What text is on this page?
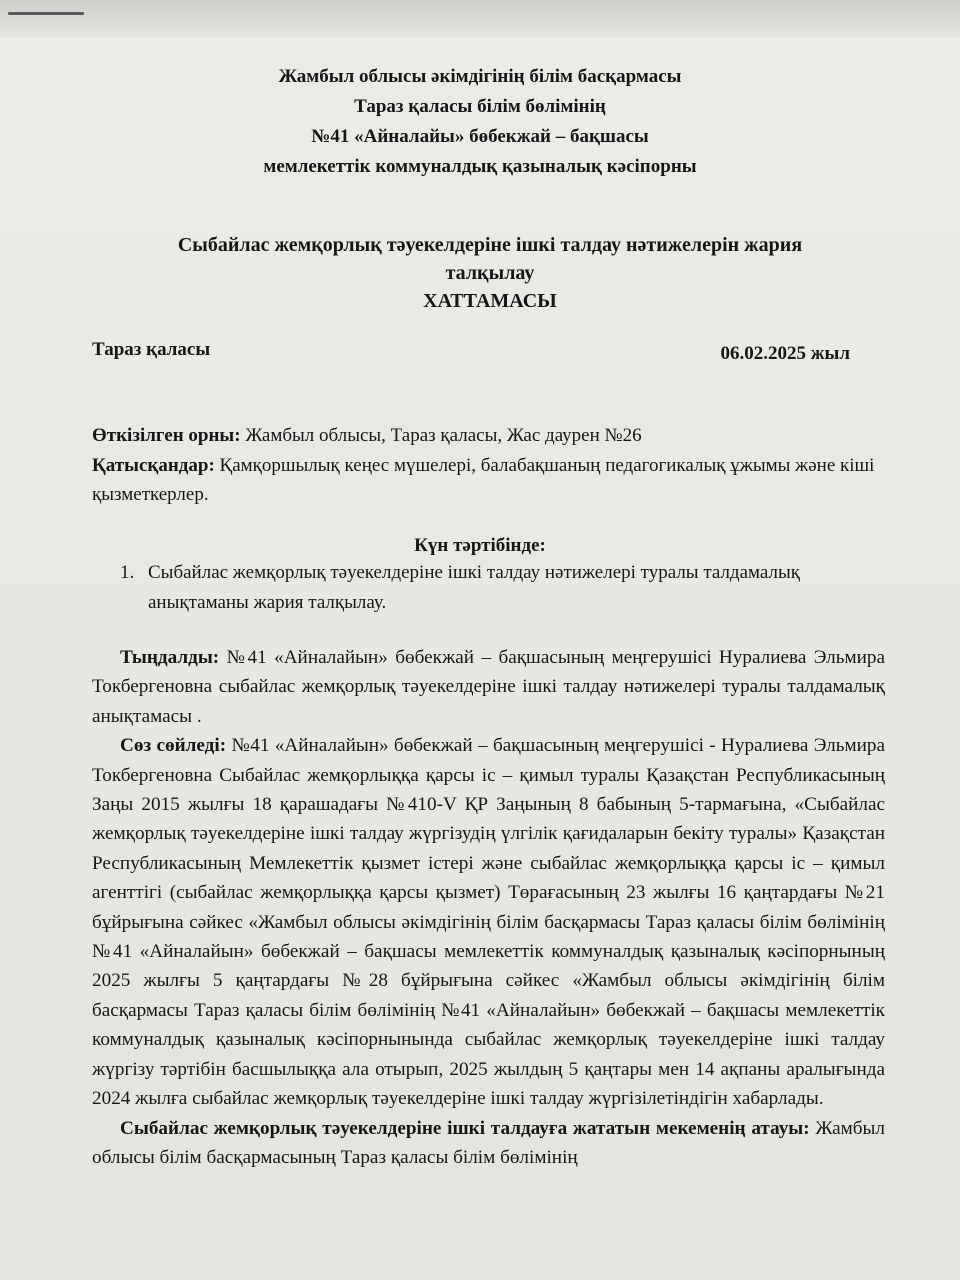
Жамбыл облысы әкімдігінің білім басқармасы
Тараз қаласы білім бөлімінің
№41 «Айналайы» бөбекжай – бақшасы
мемлекеттік коммуналдық қазыналық кәсіпорны
Сыбайлас жемқорлық тәуекелдеріне ішкі талдау нәтижелерін жария
талқылау
ХАТТАМАСЫ
Тараз қаласы	06.02.2025 жыл
Өткізілген орны: Жамбыл облысы, Тараз қаласы, Жас даурен №26
Қатысқандар: Қамқоршылық кеңес мүшелері, балабақшаның педагогикалық ұжымы және кіші қызметкерлер.
Күн тәртібінде:
1. Сыбайлас жемқорлық тәуекелдеріне ішкі талдау нәтижелері туралы талдамалық анықтаманы жария талқылау.

Тыңдалды: №41 «Айналайын» бөбекжай – бақшасының меңгерушісі Нуралиева Эльмира Токбергеновна сыбайлас жемқорлық тәуекелдеріне ішкі талдау нәтижелері туралы талдамалық анықтамасы .

Сөз сөйледі: №41 «Айналайын» бөбекжай – бақшасының меңгерушісі - Нуралиева Эльмира Токбергеновна Сыбайлас жемқорлыққа қарсы іс – қимыл туралы Қазақстан Республикасының Заңы 2015 жылғы 18 қарашадағы №410-V ҚР Заңының 8 бабының 5-тармағына, «Сыбайлас жемқорлық тәуекелдеріне ішкі талдау жүргізудің үлгілік қағидаларын бекіту туралы» Қазақстан Республикасының Мемлекеттік қызмет істері және сыбайлас жемқорлыққа қарсы іс – қимыл агенттігі (сыбайлас жемқорлыққа қарсы қызмет) Төрағасының 23 жылғы 16 қаңтардағы №21 бұйрығына сәйкес «Жамбыл облысы әкімдігінің білім басқармасы Тараз қаласы білім бөлімінің №41 «Айналайын» бөбекжай – бақшасы мемлекеттік коммуналдық қазыналық кәсіпорнының 2025 жылғы 5 қаңтардағы №28 бұйрығына сәйкес «Жамбыл облысы әкімдігінің білім басқармасы Тараз қаласы білім бөлімінің №41 «Айналайын» бөбекжай – бақшасы мемлекеттік коммуналдық қазыналық кәсіпорнынында сыбайлас жемқорлық тәуекелдеріне ішкі талдау жүргізу тәртібін басшылыққа ала отырып, 2025 жылдың 5 қаңтары мен 14 ақпаны аралығында 2024 жылға сыбайлас жемқорлық тәуекелдеріне ішкі талдау жүргізілетіндігін хабарлады.

Сыбайлас жемқорлық тәуекелдеріне ішкі талдауға жататын мекеменің атауы: Жамбыл облысы білім басқармасының Тараз қаласы білім бөлімінің
